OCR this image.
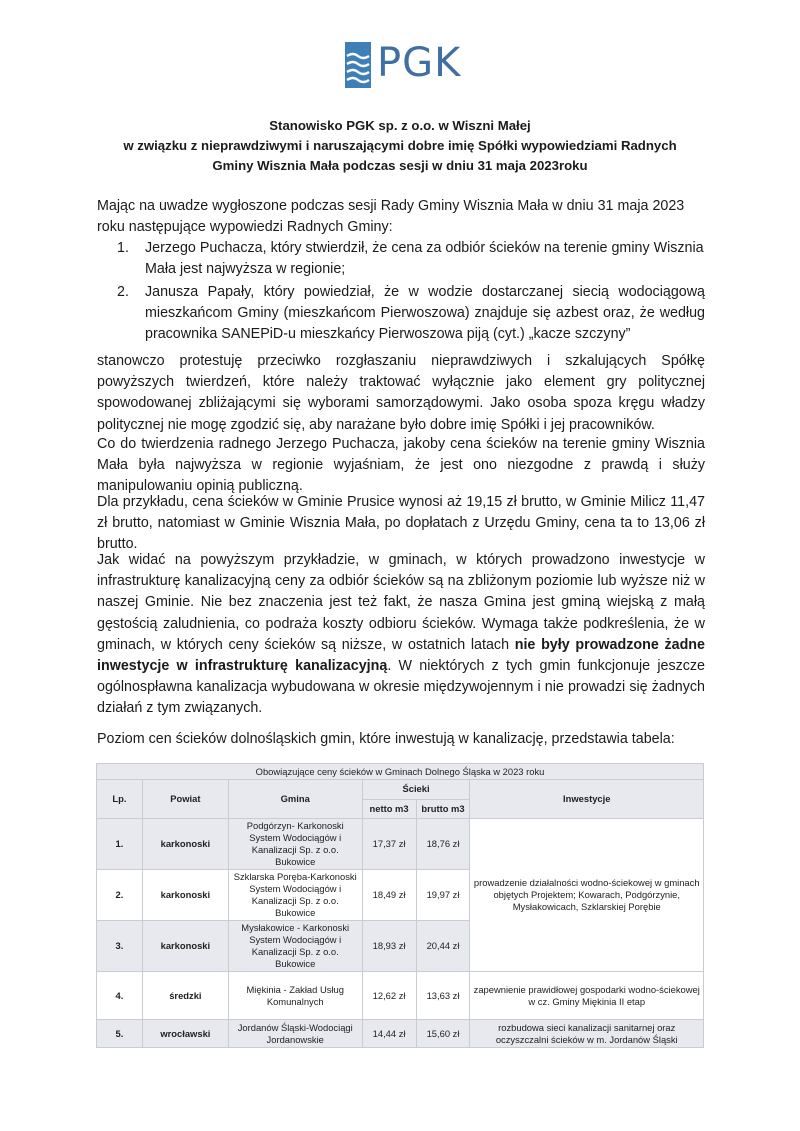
PGK
Stanowisko PGK sp. z o.o. w Wiszni Małej
w związku z nieprawdziwymi i naruszającymi dobre imię Spółki wypowiedziami Radnych
Gminy Wisznia Mała podczas sesji w dniu 31 maja 2023roku
Mając na uwadze wygłoszone podczas sesji Rady Gminy Wisznia Mała w dniu 31 maja 2023 roku następujące wypowiedzi Radnych Gminy:
1. Jerzego Puchacza, który stwierdził, że cena za odbiór ścieków na terenie gminy Wisznia Mała jest najwyższa w regionie;
2. Janusza Papały, który powiedział, że w wodzie dostarczanej siecią wodociągową mieszkańcom Gminy (mieszkańcom Pierwoszowa) znajduje się azbest oraz, że według pracownika SANEPiD-u mieszkańcy Pierwoszowa piją (cyt.) „kacze szczyny”
stanowczo protestuję przeciwko rozgłaszaniu nieprawdziwych i szkalujących Spółkę powyższych twierdzeń, które należy traktować wyłącznie jako element gry politycznej spowodowanej zbliżającymi się wyborami samorządowymi. Jako osoba spoza kręgu władzy politycznej nie mogę zgodzić się, aby narażane było dobre imię Spółki i jej pracowników.
Co do twierdzenia radnego Jerzego Puchacza, jakoby cena ścieków na terenie gminy Wisznia Mała była najwyższa w regionie wyjaśniam, że jest ono niezgodne z prawdą i służy manipulowaniu opinią publiczną.
Dla przykładu, cena ścieków w Gminie Prusice wynosi aż 19,15 zł brutto, w Gminie Milicz 11,47 zł brutto, natomiast w Gminie Wisznia Mała, po dopłatach z Urzędu Gminy, cena ta to 13,06 zł brutto.
Jak widać na powyższym przykładzie, w gminach, w których prowadzono inwestycje w infrastrukturę kanalizacyjną ceny za odbiór ścieków są na zbliżonym poziomie lub wyższe niż w naszej Gminie. Nie bez znaczenia jest też fakt, że nasza Gmina jest gminą wiejską z małą gęstością zaludnienia, co podraża koszty odbioru ścieków. Wymaga także podkreślenia, że w gminach, w których ceny ścieków są niższe, w ostatnich latach nie były prowadzone żadne inwestycje w infrastrukturę kanalizacyjną. W niektórych z tych gmin funkcjonuje jeszcze ogólnospławna kanalizacja wybudowana w okresie międzywojennym i nie prowadzi się żadnych działań z tym związanych.
Poziom cen ścieków dolnośląskich gmin, które inwestują w kanalizację, przedstawia tabela:
Obowiązujące ceny ścieków w Gminach Dolnego Śląska w 2023 roku					
Lp.	Powiat	Gmina	Ścieki		Inwestycje
			netto m3	brutto m3	
1.	karkonoski	Podgórzyn- Karkonoski System Wodociągów i Kanalizacji Sp. z o.o. Bukowice	17,37 zł	18,76 zł	prowadzenie działalności wodno-ściekowej w gminach objętych Projektem; Kowarach, Podgórzynie, Mysłakowicach, Szklarskiej Porębie
2.	karkonoski	Szklarska Poręba-Karkonoski System Wodociągów i Kanalizacji Sp. z o.o. Bukowice	18,49 zł	19,97 zł	
3.	karkonoski	Mysłakowice - Karkonoski System Wodociągów i Kanalizacji Sp. z o.o. Bukowice	18,93 zł	20,44 zł	
4.	średzki	Miękinia - Zakład Usług Komunalnych	12,62 zł	13,63 zł	zapewnienie prawidłowej gospodarki wodno-ściekowej w cz. Gminy Miękinia II etap
5.	wrocławski	Jordanów Śląski-Wodociągi Jordanowskie	14,44 zł	15,60 zł	rozbudowa sieci kanalizacji sanitarnej oraz oczyszczalni ścieków w m. Jordanów Śląski
